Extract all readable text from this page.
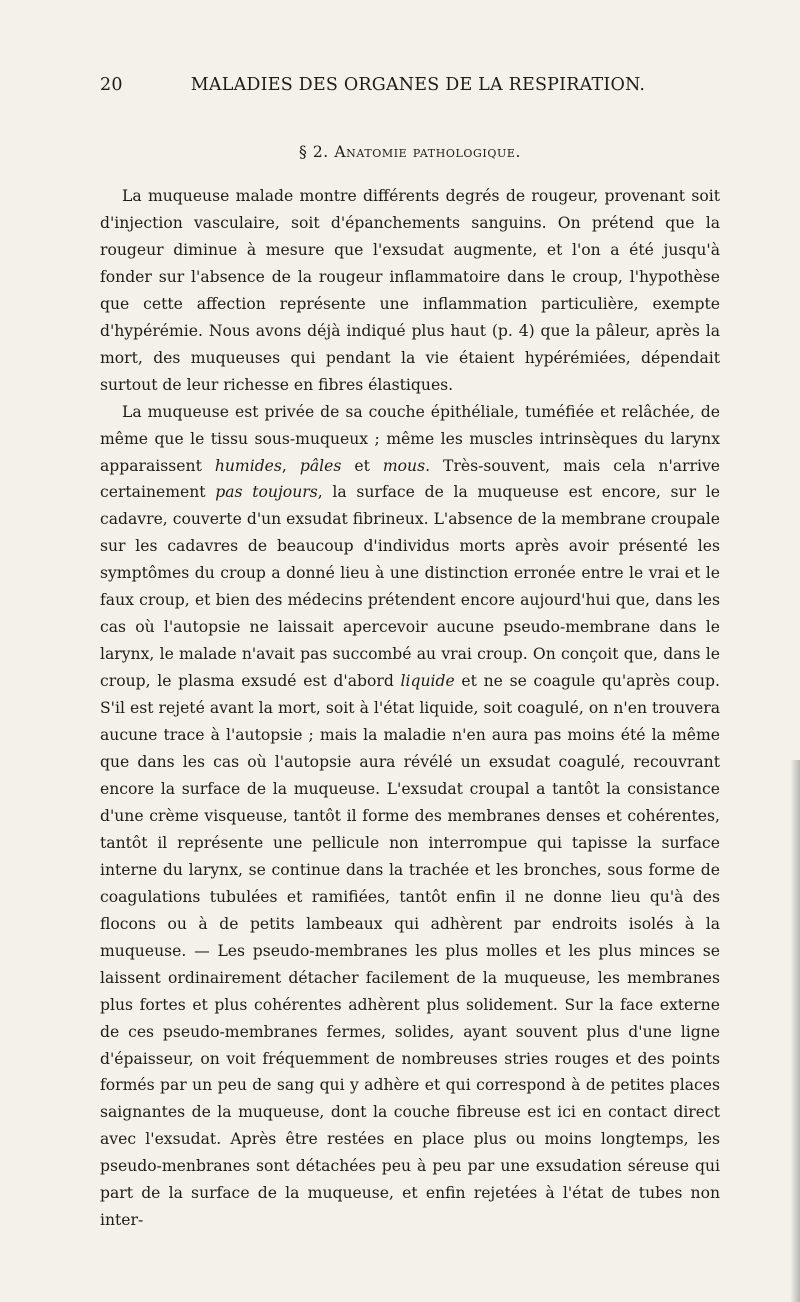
20	MALADIES DES ORGANES DE LA RESPIRATION.
§ 2. Anatomie pathologique.

La muqueuse malade montre différents degrés de rougeur, provenant soit d'injection vasculaire, soit d'épanchements sanguins. On prétend que la rougeur diminue à mesure que l'exsudat augmente, et l'on a été jusqu'à fonder sur l'absence de la rougeur inflammatoire dans le croup, l'hypothèse que cette affection représente une inflammation particulière, exempte d'hypérémie. Nous avons déjà indiqué plus haut (p. 4) que la pâleur, après la mort, des muqueuses qui pendant la vie étaient hypérémiées, dépendait surtout de leur richesse en fibres élastiques.

La muqueuse est privée de sa couche épithéliale, tuméfiée et relâchée, de même que le tissu sous-muqueux ; même les muscles intrinsèques du larynx apparaissent humides, pâles et mous. Très-souvent, mais cela n'arrive certainement pas toujours, la surface de la muqueuse est encore, sur le cadavre, couverte d'un exsudat fibrineux. L'absence de la membrane croupale sur les cadavres de beaucoup d'individus morts après avoir présenté les symptômes du croup a donné lieu à une distinction erronée entre le vrai et le faux croup, et bien des médecins prétendent encore aujourd'hui que, dans les cas où l'autopsie ne laissait apercevoir aucune pseudo-membrane dans le larynx, le malade n'avait pas succombé au vrai croup. On conçoit que, dans le croup, le plasma exsudé est d'abord liquide et ne se coagule qu'après coup. S'il est rejeté avant la mort, soit à l'état liquide, soit coagulé, on n'en trouvera aucune trace à l'autopsie ; mais la maladie n'en aura pas moins été la même que dans les cas où l'autopsie aura révélé un exsudat coagulé, recouvrant encore la surface de la muqueuse. L'exsudat croupal a tantôt la consistance d'une crème visqueuse, tantôt il forme des membranes denses et cohérentes, tantôt il représente une pellicule non interrompue qui tapisse la surface interne du larynx, se continue dans la trachée et les bronches, sous forme de coagulations tubulées et ramifiées, tantôt enfin il ne donne lieu qu'à des flocons ou à de petits lambeaux qui adhèrent par endroits isolés à la muqueuse. — Les pseudo-membranes les plus molles et les plus minces se laissent ordinairement détacher facilement de la muqueuse, les membranes plus fortes et plus cohérentes adhèrent plus solidement. Sur la face externe de ces pseudo-membranes fermes, solides, ayant souvent plus d'une ligne d'épaisseur, on voit fréquemment de nombreuses stries rouges et des points formés par un peu de sang qui y adhère et qui correspond à de petites places saignantes de la muqueuse, dont la couche fibreuse est ici en contact direct avec l'exsudat. Après être restées en place plus ou moins longtemps, les pseudo-menbranes sont détachées peu à peu par une exsudation séreuse qui part de la surface de la muqueuse, et enfin rejetées à l'état de tubes non inter-
